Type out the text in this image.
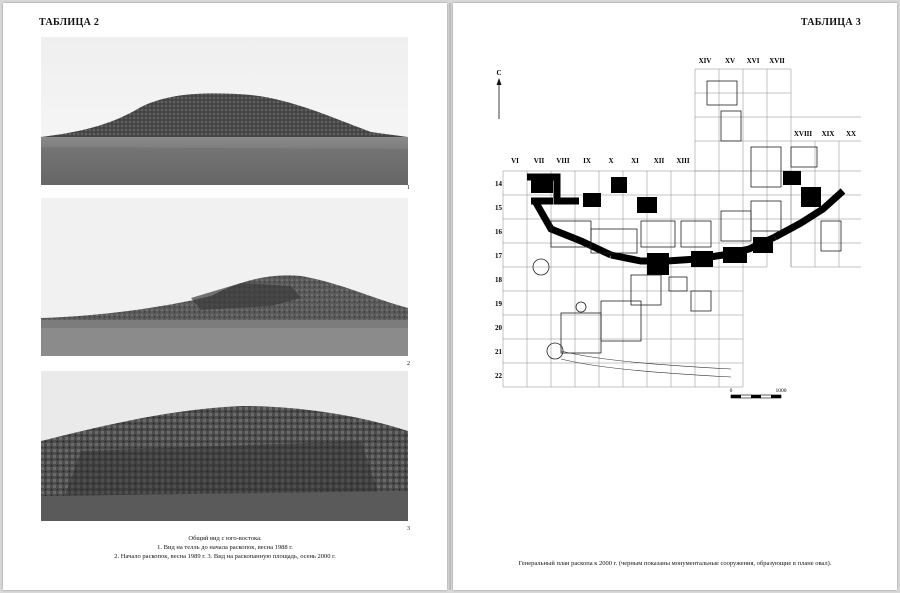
ТАБЛИЦА 2
1
2
3
Общий вид с юго-востока.
1. Вид на телль до начала раскопок, весна 1988 г.
2. Начало раскопок, весна 1989 г. 3. Вид на раскопанную площадь, осень 2000 г.
ТАБЛИЦА 3
С
XIV XV XVI XVII
XVIII XIX XX
VI VII VIII IX	X	XI XII XIII
14
15
16
17
18
19
20
21
22
0	1000
Генеральный план раскопа к 2000 г. (черным показаны монументальные сооружения, образующие в плане овал).
